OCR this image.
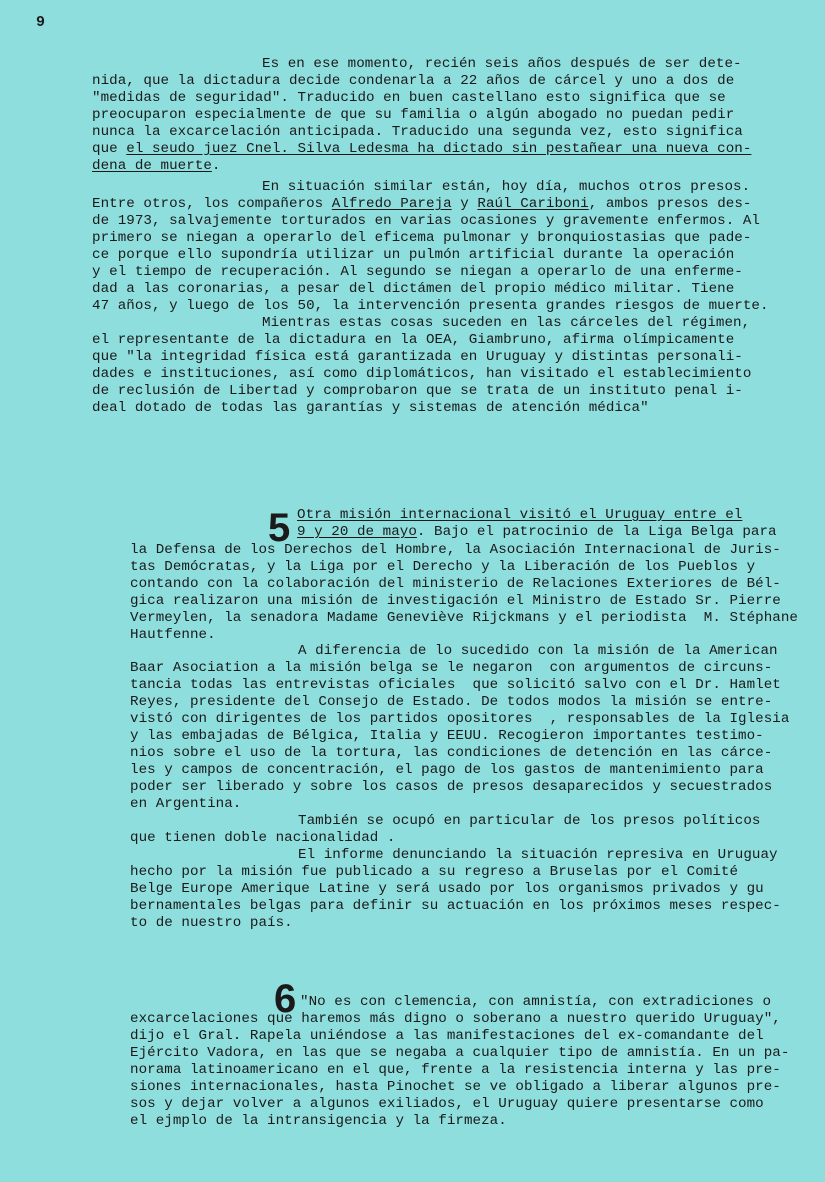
9
Es en ese momento, recién seis años después de ser dete-
nida, que la dictadura decide condenarla a 22 años de cárcel y uno a dos de
"medidas de seguridad". Traducido en buen castellano esto significa que se
preocuparon especialmente de que su familia o algún abogado no puedan pedir
nunca la excarcelación anticipada. Traducido una segunda vez, esto significa
que el seudo juez Cnel. Silva Ledesma ha dictado sin pestañear una nueva con-
dena de muerte.
En situación similar están, hoy día, muchos otros presos.
Entre otros, los compañeros Alfredo Pareja y Raúl Cariboni, ambos presos des-
de 1973, salvajemente torturados en varias ocasiones y gravemente enfermos. Al
primero se niegan a operarlo del eficema pulmonar y bronquiostasias que pade-
ce porque ello supondría utilizar un pulmón artificial durante la operación
y el tiempo de recuperación. Al segundo se niegan a operarlo de una enferme-
dad a las coronarias, a pesar del dictámen del propio médico militar. Tiene
47 años, y luego de los 50, la intervención presenta grandes riesgos de muerte.
Mientras estas cosas suceden en las cárceles del régimen,
el representante de la dictadura en la OEA, Giambruno, afirma olímpicamente
que "la integridad física está garantizada en Uruguay y distintas personali-
dades e instituciones, así como diplomáticos, han visitado el establecimiento
de reclusión de Libertad y comprobaron que se trata de un instituto penal i-
deal dotado de todas las garantías y sistemas de atención médica"
5 Otra misión internacional visitó el Uruguay entre el
9 y 20 de mayo. Bajo el patrocinio de la Liga Belga para
la Defensa de los Derechos del Hombre, la Asociación Internacional de Juris-
tas Demócratas, y la Liga por el Derecho y la Liberación de los Pueblos y
contando con la colaboración del ministerio de Relaciones Exteriores de Bél-
gica realizaron una misión de investigación el Ministro de Estado Sr. Pierre
Vermeylen, la senadora Madame Geneviève Rijckmans y el periodista  M. Stéphane
Hautfenne.
A diferencia de lo sucedido con la misión de la American
Baar Asociation a la misión belga se le negaron  con argumentos de circuns-
tancia todas las entrevistas oficiales  que solicitó salvo con el Dr. Hamlet
Reyes, presidente del Consejo de Estado. De todos modos la misión se entre-
vistó con dirigentes de los partidos opositores  , responsables de la Iglesia
y las embajadas de Bélgica, Italia y EEUU. Recogieron importantes testimo-
nios sobre el uso de la tortura, las condiciones de detención en las cárce-
les y campos de concentración, el pago de los gastos de mantenimiento para
poder ser liberado y sobre los casos de presos desaparecidos y secuestrados
en Argentina.
También se ocupó en particular de los presos políticos
que tienen doble nacionalidad .
El informe denunciando la situación represiva en Uruguay
hecho por la misión fue publicado a su regreso a Bruselas por el Comité
Belge Europe Amerique Latine y será usado por los organismos privados y gu
bernamentales belgas para definir su actuación en los próximos meses respec-
to de nuestro país.
6 "No es con clemencia, con amnistía, con extradiciones o
excarcelaciones que haremos más digno o soberano a nuestro querido Uruguay",
dijo el Gral. Rapela uniéndose a las manifestaciones del ex-comandante del
Ejército Vadora, en las que se negaba a cualquier tipo de amnistía. En un pa-
norama latinoamericano en el que, frente a la resistencia interna y las pre-
siones internacionales, hasta Pinochet se ve obligado a liberar algunos pre-
sos y dejar volver a algunos exiliados, el Uruguay quiere presentarse como
el ejmplo de la intransigencia y la firmeza.
